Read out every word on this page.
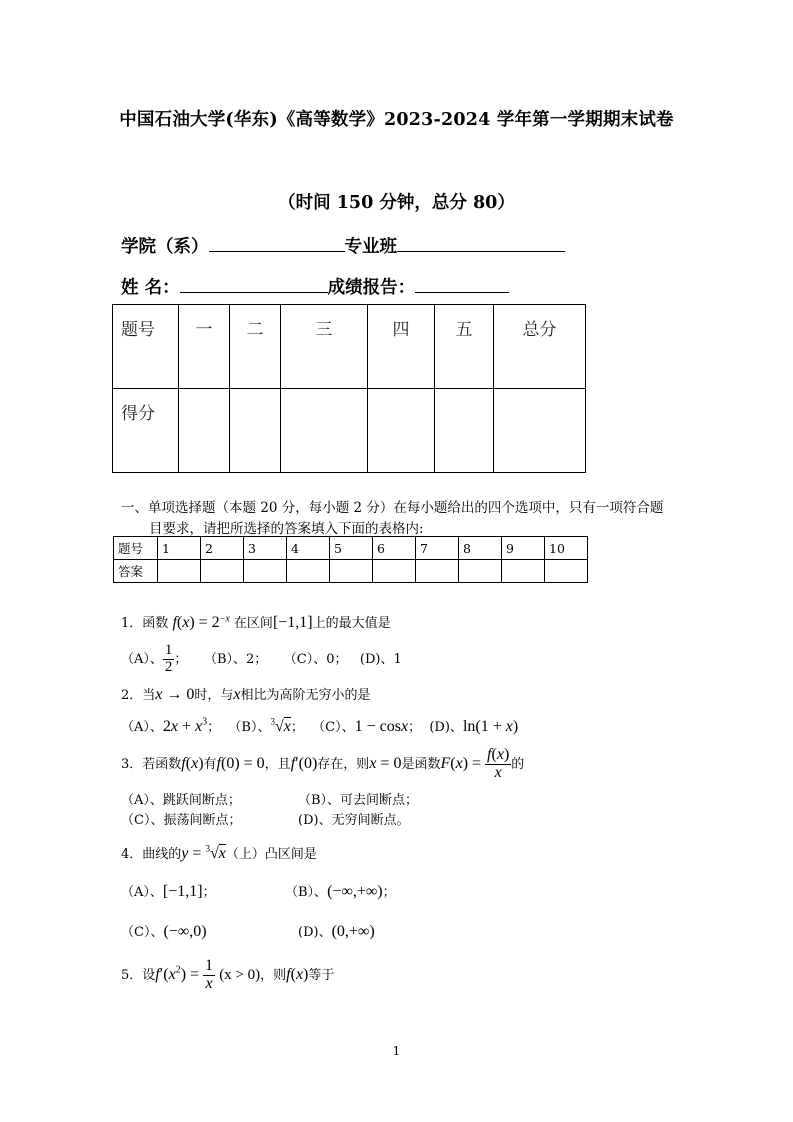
中国石油大学(华东)《高等数学》2023-2024 学年第一学期期末试卷
（时间 150 分钟，总分 80）
学院（系）	专业班
姓 名：	成绩报告：
题号	一	二	三	四	五	总分
得分						
一、单项选择题（本题 20 分，每小题 2 分）在每小题给出的四个选项中，只有一项符合题
目要求，请把所选择的答案填入下面的表格内:
题号	1	2	3	4	5	6	7	8	9	10
答案										
1．函数 $f(x) = 2^{-x}$ 在区间[−1,1]上的最大值是
（A）、 $\frac{1}{2}$ ； （B）、2； （C）、0； (D)、1
2．当x → 0时，与x相比为高阶无穷小的是
（A）、$2x + x^3$； （B）、$^3$√x； （C）、1 − cosx； (D)、ln(1 + x)
3．若函数f(x)有f(0) = 0，且f′(0)存在，则x = 0是函数$F(x) = \frac{f(x)}{x}$ 的
（A）、跳跃间断点；	（B）、可去间断点；
（C）、振荡间断点；	(D)、无穷间断点。
4．曲线的y = $^3$√x（上）凸区间是
（A）、[−1,1]；	（B）、(−∞,+∞)；
（C）、(−∞,0)	(D)、(0,+∞)
5．设$f'(x^2) = \frac{1}{x} (x > 0)$，则f(x)等于
1
